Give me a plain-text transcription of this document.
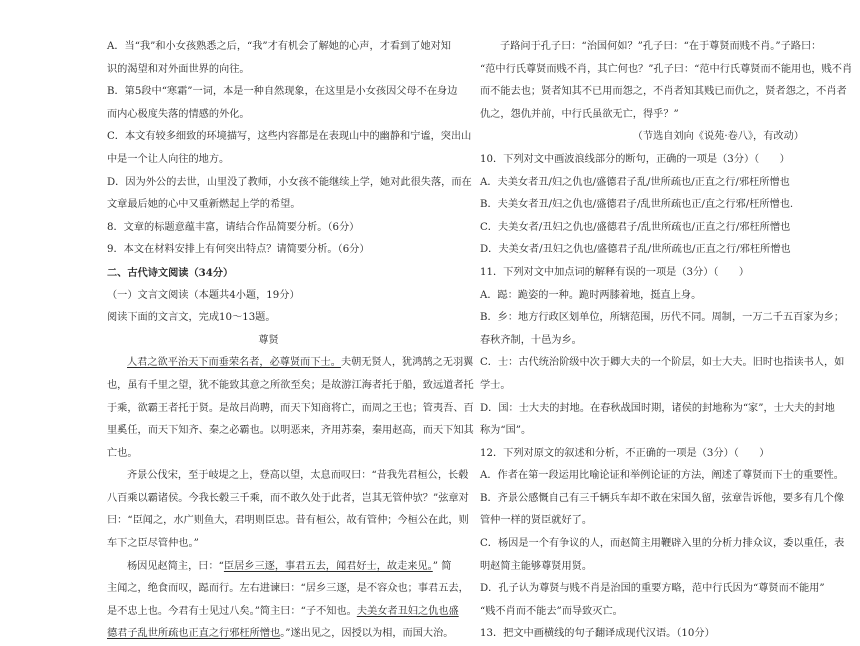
A．当“我”和小女孩熟悉之后，“我”才有机会了解她的心声，才看到了她对知
识的渴望和对外面世界的向往。
B．第5段中“寒霜”一词，本是一种自然现象，在这里是小女孩因父母不在身边
而内心极度失落的情感的外化。
C．本文有较多细致的环境描写，这些内容都是在表现山中的幽静和宁谧，突出山
中是一个让人向往的地方。
D．因为外公的去世，山里没了教师，小女孩不能继续上学，她对此很失落，而在
文章最后她的心中又重新燃起上学的希望。
8．文章的标题意蕴丰富，请结合作品简要分析。（6分）
9．本文在材料安排上有何突出特点？请简要分析。（6分）
二、古代诗文阅读（34分）
（一）文言文阅读（本题共4小题，19分）
阅读下面的文言文，完成10～13题。
尊贤
人君之欲平治天下而垂荣名者，必尊贤而下士。夫朝无贤人，犹鸿鹄之无羽翼
也，虽有千里之望，犹不能致其意之所欲至矣；是故游江海者托于船，致远道者托
于乘，欲霸王者托于贤。是故吕尚聘，而天下知商将亡，而周之王也；管夷吾、百
里奚任，而天下知齐、秦之必霸也。以明恶来，齐用苏秦，秦用赵高，而天下知其
亡也。
齐景公伐宋，至于岐堤之上，登高以望，太息而叹曰：“昔我先君桓公，长毂
八百乘以霸诸侯。今我长毂三千乘，而不敢久处于此者，岂其无管仲欤？”弦章对
曰：“臣闻之，水广则鱼大，君明则臣忠。昔有桓公，故有管仲；今桓公在此，则
车下之臣尽管仲也。”
杨因见赵简主，曰：“臣居乡三逐，事君五去，闻君好士，故走来见。” 简
主闻之，绝食而叹，跽而行。左右进谏曰：“居乡三逐，是不容众也；事君五去，
是不忠上也。今君有士见过八矣。”简主曰：“子不知也。夫美女者丑妇之仇也盛
德君子乱世所疏也正直之行邪枉所憎也。”遂出见之，因授以为相，而国大治。
子路问于孔子曰：“治国何如？”孔子曰：“在于尊贤而贱不肖。”子路曰：
“范中行氏尊贤而贱不肖，其亡何也？”孔子曰：“范中行氏尊贤而不能用也，贱不肖
而不能去也；贤者知其不已用而怨之，不肖者知其贱已而仇之，贤者怨之，不肖者
仇之，怨仇并前，中行氏虽欲无亡，得乎？”
（节选自刘向《说苑·卷八》，有改动）
10．下列对文中画波浪线部分的断句，正确的一项是（3分）（　　）
A．夫美女者丑/妇之仇也/盛德君子乱/世所疏也/正直之行/邪枉所憎也
B．夫美女者丑/妇之仇也/盛德君子/乱世所疏也正/直之行邪/枉所憎也.
C．夫美女者/丑妇之仇也/盛德君子/乱世所疏也/正直之行/邪枉所憎也
D．夫美女者/丑妇之仇也/盛德君子乱/世所疏也/正直之行/邪枉所憎也
11．下列对文中加点词的解释有误的一项是（3分）（　　）
A．跽：跪姿的一种。跪时两膝着地，挺直上身。
B．乡：地方行政区划单位，所辖范围，历代不同。周制，一万二千五百家为乡；
春秋齐制，十邑为乡。
C．士：古代统治阶级中次于卿大夫的一个阶层，如士大夫。旧时也指读书人，如
学士。
D．国：士大夫的封地。在春秋战国时期，诸侯的封地称为“家”，士大夫的封地
称为“国”。
12．下列对原文的叙述和分析，不正确的一项是（3分）（　　）
A．作者在第一段运用比喻论证和举例论证的方法，阐述了尊贤而下士的重要性。
B．齐景公感慨自己有三千辆兵车却不敢在宋国久留，弦章告诉他，要多有几个像
管仲一样的贤臣就好了。
C．杨因是一个有争议的人，而赵简主用鞭辟入里的分析力排众议，委以重任，表
明赵简主能够尊贤用贤。
D．孔子认为尊贤与贱不肖是治国的重要方略，范中行氏因为“尊贤而不能用”
“贱不肖而不能去”而导致灭亡。
13．把文中画横线的句子翻译成现代汉语。（10分）
